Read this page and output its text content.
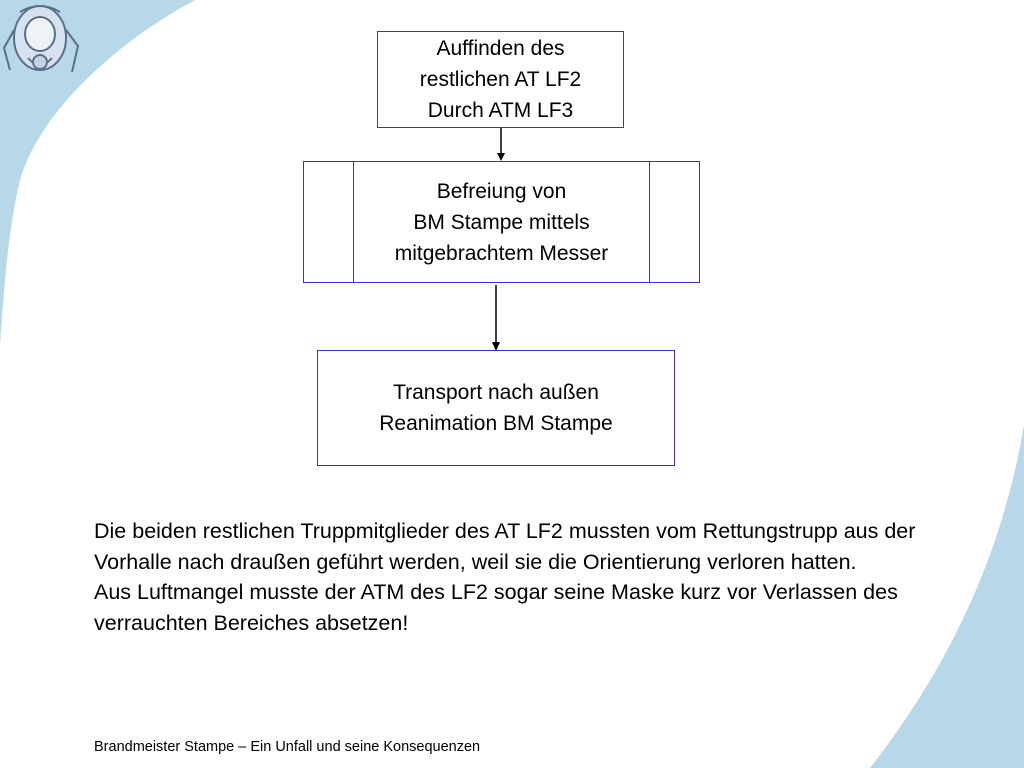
Auffinden des
restlichen AT LF2
Durch ATM LF3
Befreiung von
BM Stampe mittels
mitgebrachtem Messer
Transport nach außen
Reanimation BM Stampe

Die beiden restlichen Truppmitglieder des AT LF2 mussten vom Rettungstrupp aus der Vorhalle nach draußen geführt werden, weil sie die Orientierung verloren hatten.

Aus Luftmangel musste der ATM des LF2 sogar seine Maske kurz vor Verlassen des verrauchten Bereiches absetzen!

Brandmeister Stampe – Ein Unfall und seine Konsequenzen
